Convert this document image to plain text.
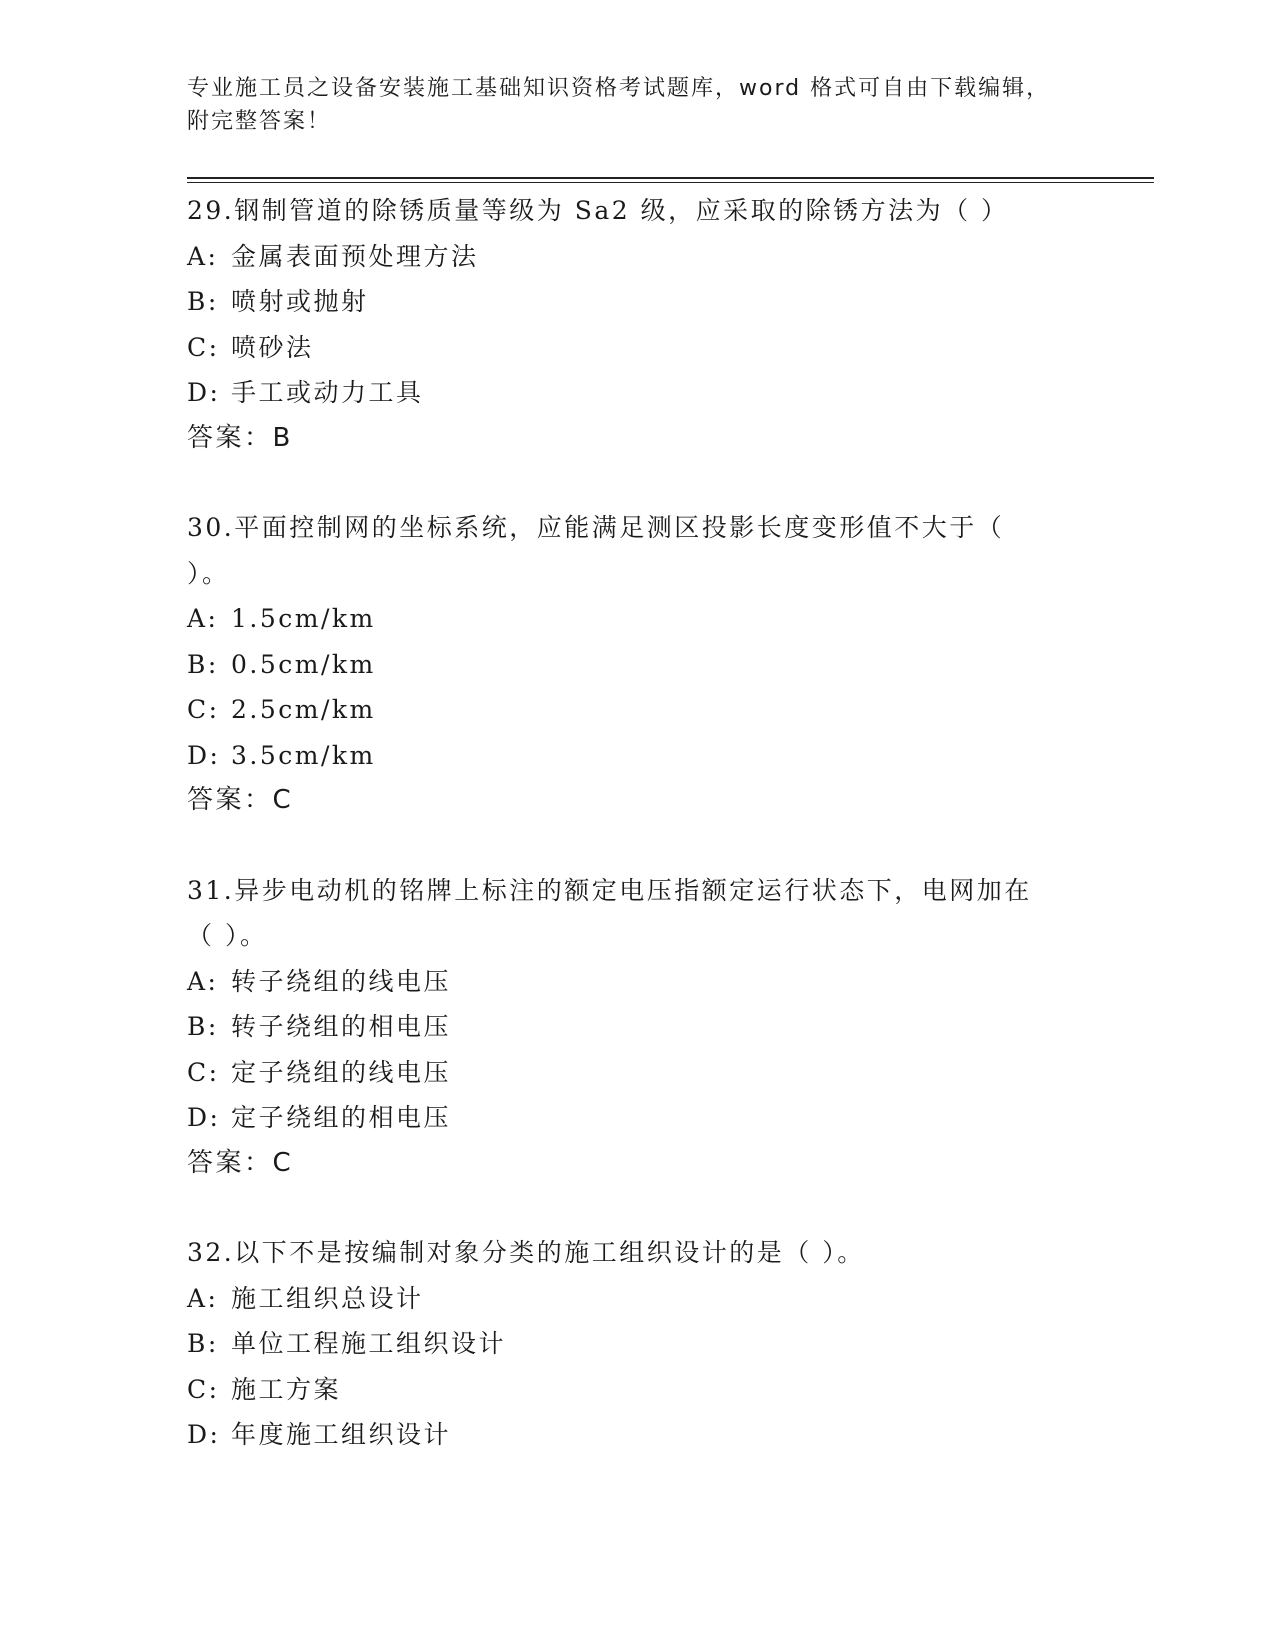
专业施工员之设备安装施工基础知识资格考试题库，word 格式可自由下载编辑，
附完整答案！
29.钢制管道的除锈质量等级为 Sa2 级，应采取的除锈方法为（ ）
A: 金属表面预处理方法
B: 喷射或抛射
C: 喷砂法
D: 手工或动力工具
答案：B
30.平面控制网的坐标系统，应能满足测区投影长度变形值不大于（
）。
A: 1.5cm/km
B: 0.5cm/km
C: 2.5cm/km
D: 3.5cm/km
答案：C
31.异步电动机的铭牌上标注的额定电压指额定运行状态下，电网加在
（ ）。
A: 转子绕组的线电压
B: 转子绕组的相电压
C: 定子绕组的线电压
D: 定子绕组的相电压
答案：C
32.以下不是按编制对象分类的施工组织设计的是（ ）。
A: 施工组织总设计
B: 单位工程施工组织设计
C: 施工方案
D: 年度施工组织设计
